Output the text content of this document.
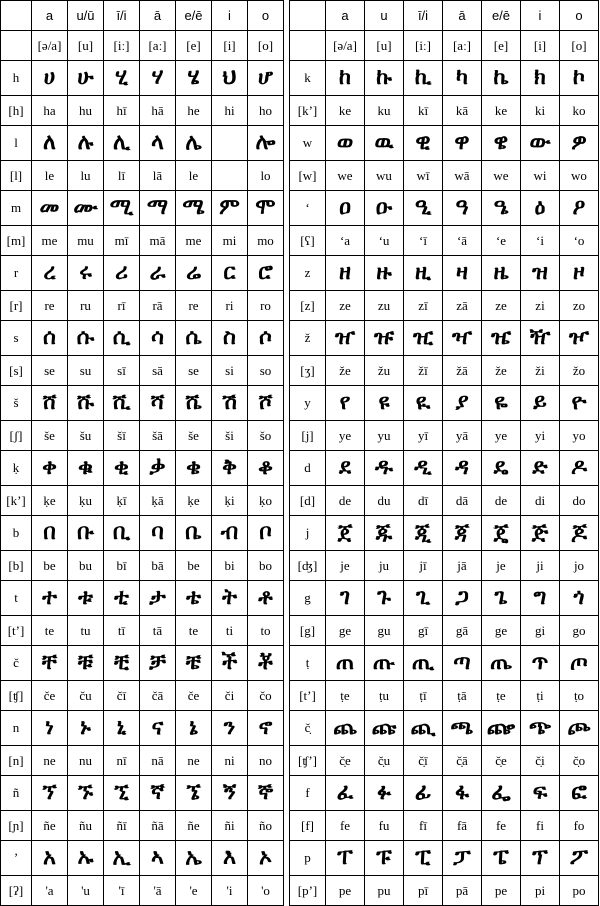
	a	u/ū	ī/i	ā	e/ē	i	o
	[ə/a]	[u]	[iː]	[aː]	[e]	[i]	[o]
h	ሀ	ሁ	ሂ	ሃ	ሄ	ህ	ሆ
[h]	ha	hu	hī	hā	he	hi	ho
l	ለ	ሉ	ሊ	ላ	ሌ		ሎ
[l]	le	lu	lī	lā	le		lo
m	መ	ሙ	ሚ	ማ	ሜ	ም	ሞ
[m]	me	mu	mī	mā	me	mi	mo
r	ረ	ሩ	ሪ	ራ	ሬ	ር	ሮ
[r]	re	ru	rī	rā	re	ri	ro
s	ሰ	ሱ	ሲ	ሳ	ሴ	ስ	ሶ
[s]	se	su	sī	sā	se	si	so
š	ሸ	ሹ	ሺ	ሻ	ሼ	ሽ	ሾ
[ʃ]	še	šu	šī	šā	še	ši	šo
ḳ	ቀ	ቁ	ቂ	ቃ	ቄ	ቅ	ቆ
[k’]	ḳe	ḳu	ḳī	ḳā	ḳe	ḳi	ḳo
b	በ	ቡ	ቢ	ባ	ቤ	ብ	ቦ
[b]	be	bu	bī	bā	be	bi	bo
t	ተ	ቱ	ቲ	ታ	ቴ	ት	ቶ
[t’]	te	tu	tī	tā	te	ti	to
č	ቸ	ቹ	ቺ	ቻ	ቼ	ች	ቾ
[ʧ]	če	ču	čī	čā	če	či	čo
n	ነ	ኑ	ኒ	ና	ኔ	ን	ኖ
[n]	ne	nu	nī	nā	ne	ni	no
ñ	ኘ	ኙ	ኚ	ኛ	ኜ	ኝ	ኞ
[ɲ]	ñe	ñu	ñī	ñā	ñe	ñi	ño
’	አ	ኡ	ኢ	ኣ	ኤ	እ	ኦ
[ʔ]	'a	'u	'ī	'ā	'e	'i	'o
	a	u	ī/i	ā	e/ē	i	o
	[ə/a]	[u]	[iː]	[aː]	[e]	[i]	[o]
k	ከ	ኩ	ኪ	ካ	ኬ	ክ	ኮ
[k’]	ke	ku	kī	kā	ke	ki	ko
w	ወ	ዉ	ዊ	ዋ	ዌ	ው	ዎ
[w]	we	wu	wī	wā	we	wi	wo
‘	ዐ	ዑ	ዒ	ዓ	ዔ	ዕ	ዖ
[ʕ]	‘a	‘u	‘ī	‘ā	‘e	‘i	‘o
z	ዘ	ዙ	ዚ	ዛ	ዜ	ዝ	ዞ
[z]	ze	zu	zī	zā	ze	zi	zo
ž	ዠ	ዡ	ዢ	ዣ	ዤ	ዥ	ዦ
[ʒ]	že	žu	žī	žā	že	ži	žo
y	የ	ዩ	ዪ	ያ	ዬ	ይ	ዮ
[j]	ye	yu	yī	yā	ye	yi	yo
d	ደ	ዱ	ዲ	ዳ	ዴ	ድ	ዶ
[d]	de	du	dī	dā	de	di	do
j	ጀ	ጁ	ጂ	ጃ	ጄ	ጅ	ጆ
[ʤ]	je	ju	jī	jā	je	ji	jo
g	ገ	ጉ	ጊ	ጋ	ጌ	ግ	ጎ
[g]	ge	gu	gī	gā	ge	gi	go
ṭ	ጠ	ጡ	ጢ	ጣ	ጤ	ጥ	ጦ
[t’]	ṭe	ṭu	ṭī	ṭā	ṭe	ṭi	ṭo
č̣	ጨ	ጩ	ጪ	ጫ	ጬ	ጭ	ጮ
[ʧ’]	č̣e	č̣u	č̣ī	č̣ā	č̣e	č̣i	č̣o
f	ፈ	ፉ	ፊ	ፋ	ፌ	ፍ	ፎ
[f]	fe	fu	fī	fā	fe	fi	fo
p	ፐ	ፑ	ፒ	ፓ	ፔ	ፕ	ፖ
[p’]	pe	pu	pī	pā	pe	pi	po
